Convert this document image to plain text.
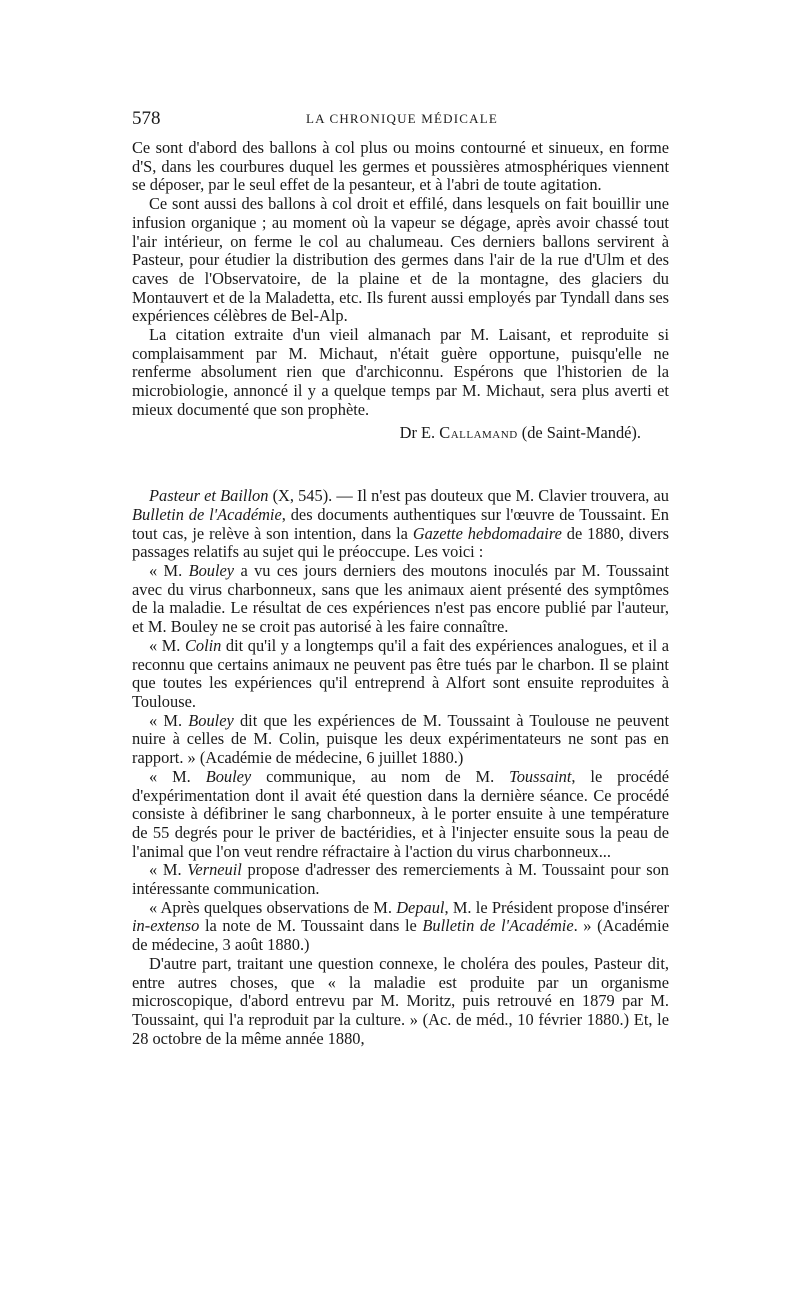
578	LA CHRONIQUE MÉDICALE

Ce sont d'abord des ballons à col plus ou moins contourné et sinueux, en forme d'S, dans les courbures duquel les germes et poussières atmosphériques viennent se déposer, par le seul effet de la pesanteur, et à l'abri de toute agitation.

Ce sont aussi des ballons à col droit et effilé, dans lesquels on fait bouillir une infusion organique ; au moment où la vapeur se dégage, après avoir chassé tout l'air intérieur, on ferme le col au chalumeau. Ces derniers ballons servirent à Pasteur, pour étudier la distribution des germes dans l'air de la rue d'Ulm et des caves de l'Observatoire, de la plaine et de la montagne, des glaciers du Montauvert et de la Maladetta, etc. Ils furent aussi employés par Tyndall dans ses expériences célèbres de Bel-Alp.

La citation extraite d'un vieil almanach par M. Laisant, et reproduite si complaisamment par M. Michaut, n'était guère opportune, puisqu'elle ne renferme absolument rien que d'archiconnu. Espérons que l'historien de la microbiologie, annoncé il y a quelque temps par M. Michaut, sera plus averti et mieux documenté que son prophète.

Dr E. Callamand (de Saint-Mandé).

Pasteur et Baillon (X, 545). — Il n'est pas douteux que M. Clavier trouvera, au Bulletin de l'Académie, des documents authentiques sur l'œuvre de Toussaint. En tout cas, je relève à son intention, dans la Gazette hebdomadaire de 1880, divers passages relatifs au sujet qui le préoccupe. Les voici :

« M. Bouley a vu ces jours derniers des moutons inoculés par M. Toussaint avec du virus charbonneux, sans que les animaux aient présenté des symptômes de la maladie. Le résultat de ces expériences n'est pas encore publié par l'auteur, et M. Bouley ne se croit pas autorisé à les faire connaître.

« M. Colin dit qu'il y a longtemps qu'il a fait des expériences analogues, et il a reconnu que certains animaux ne peuvent pas être tués par le charbon. Il se plaint que toutes les expériences qu'il entreprend à Alfort sont ensuite reproduites à Toulouse.

« M. Bouley dit que les expériences de M. Toussaint à Toulouse ne peuvent nuire à celles de M. Colin, puisque les deux expérimentateurs ne sont pas en rapport. » (Académie de médecine, 6 juillet 1880.)

« M. Bouley communique, au nom de M. Toussaint, le procédé d'expérimentation dont il avait été question dans la dernière séance. Ce procédé consiste à défibriner le sang charbonneux, à le porter ensuite à une température de 55 degrés pour le priver de bactéridies, et à l'injecter ensuite sous la peau de l'animal que l'on veut rendre réfractaire à l'action du virus charbonneux...

« M. Verneuil propose d'adresser des remerciements à M. Toussaint pour son intéressante communication.

« Après quelques observations de M. Depaul, M. le Président propose d'insérer in-extenso la note de M. Toussaint dans le Bulletin de l'Académie. » (Académie de médecine, 3 août 1880.)

D'autre part, traitant une question connexe, le choléra des poules, Pasteur dit, entre autres choses, que « la maladie est produite par un organisme microscopique, d'abord entrevu par M. Moritz, puis retrouvé en 1879 par M. Toussaint, qui l'a reproduit par la culture. » (Ac. de méd., 10 février 1880.) Et, le 28 octobre de la même année 1880,
